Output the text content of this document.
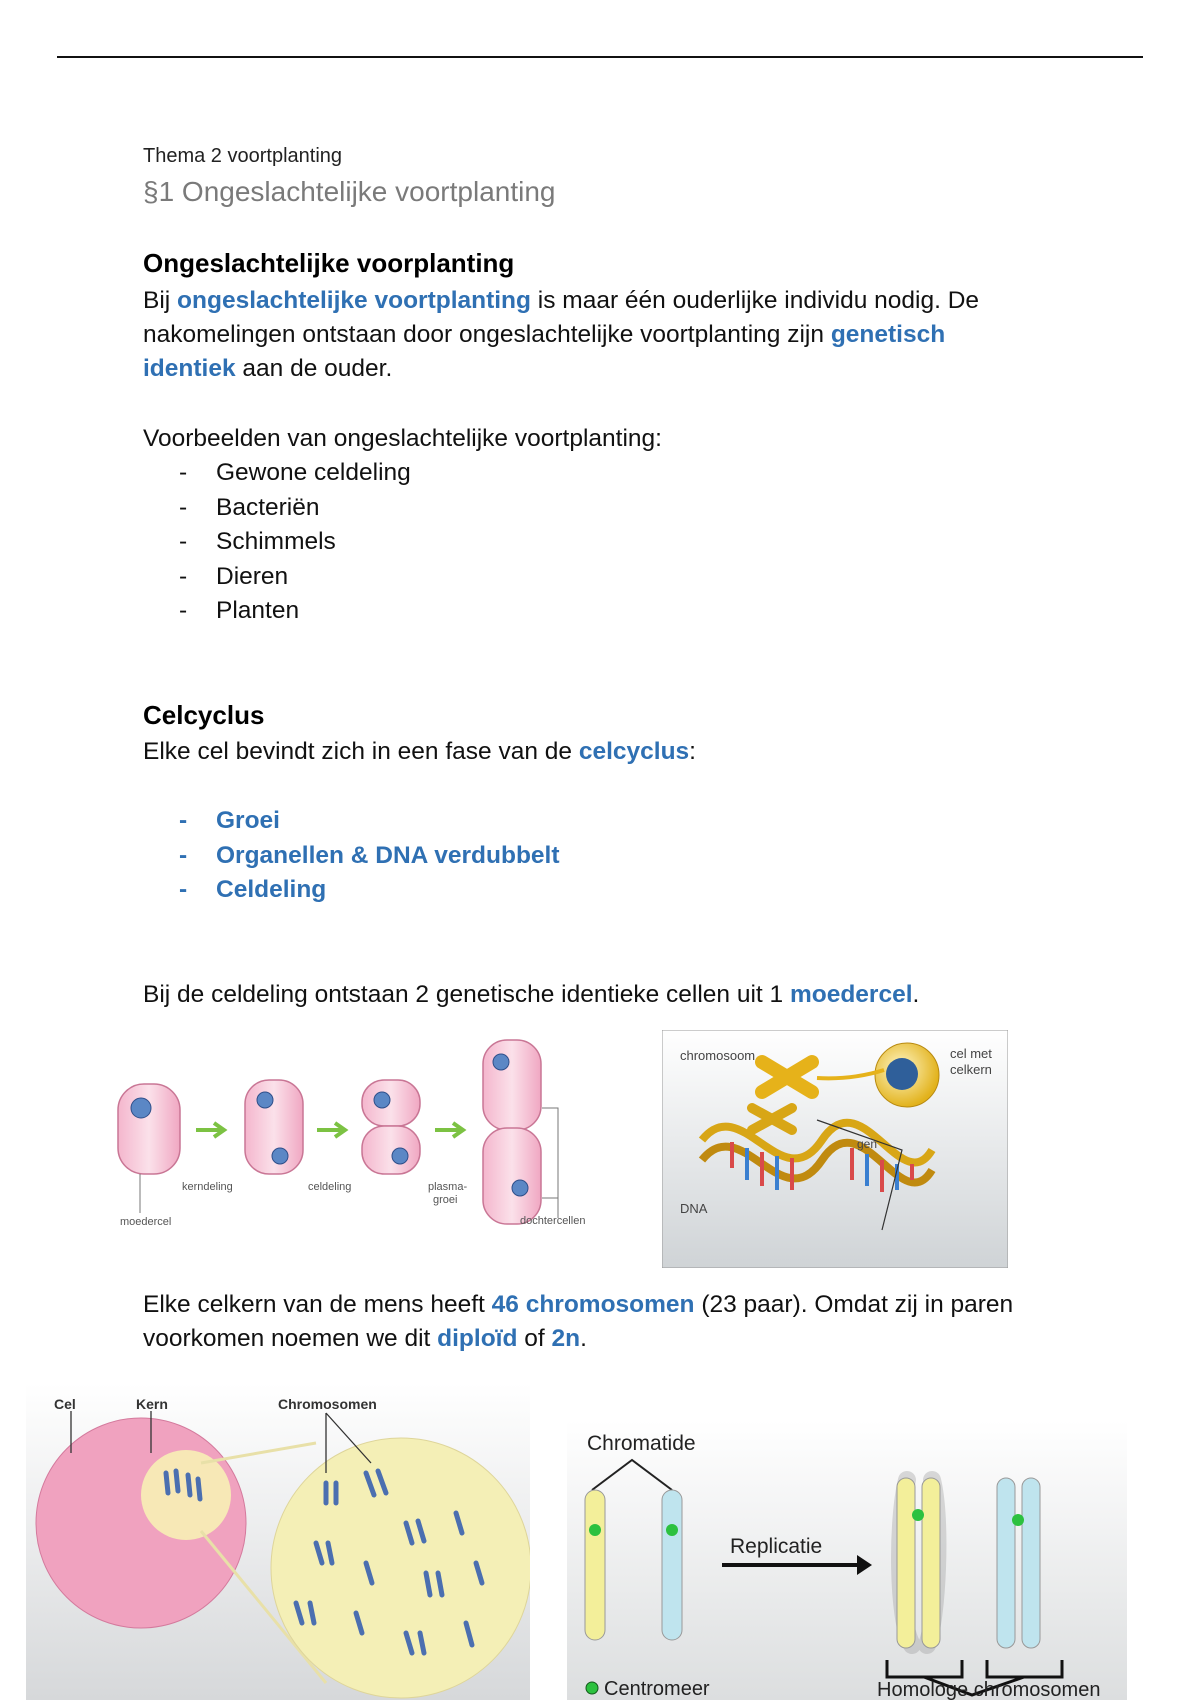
Thema 2 voortplanting
§1 Ongeslachtelijke voortplanting
Ongeslachtelijke voorplanting
Bij ongeslachtelijke voortplanting is maar één ouderlijke individu nodig. De nakomelingen ontstaan door ongeslachtelijke voortplanting zijn genetisch identiek aan de ouder.
Voorbeelden van ongeslachtelijke voortplanting:
- Gewone celdeling
- Bacteriën
- Schimmels
- Dieren
- Planten
Celcyclus
Elke cel bevindt zich in een fase van de celcyclus:
- Groei
- Organellen & DNA verdubbelt
- Celdeling
Bij de celdeling ontstaan 2 genetische identieke cellen uit 1 moedercel.
Elke celkern van de mens heeft 46 chromosomen (23 paar). Omdat zij in paren voorkomen noemen we dit diploïd of 2n.
moedercel
kerndeling	celdeling	plasma-
groei
dochtercellen
chromosoom	cel met
celkern
gen
DNA
Cel	Kern	Chromosomen
Chromatide
Replicatie
Centromeer	Homologe chromosomen
